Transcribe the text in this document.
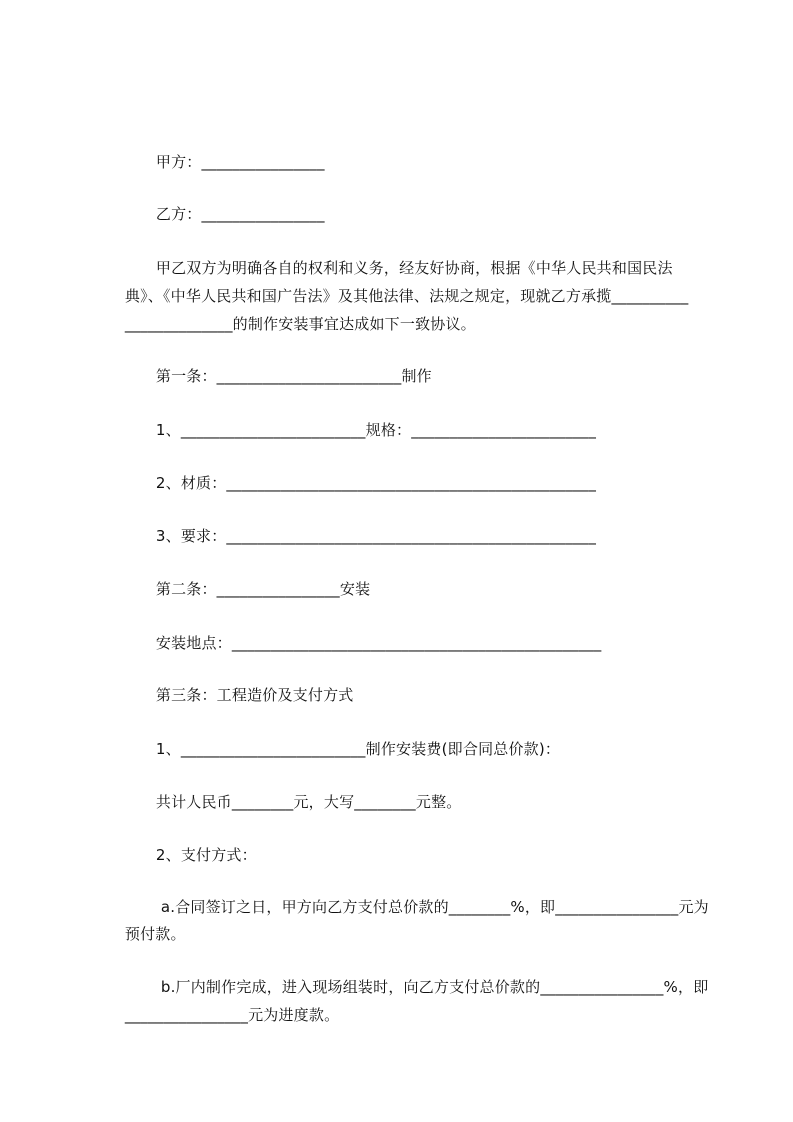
甲方：________________

乙方：________________

甲乙双方为明确各自的权利和义务，经友好协商，根据《中华人民共和国民法

典》、《中华人民共和国广告法》及其他法律、法规之规定，现就乙方承揽__________

______________的制作安装事宜达成如下一致协议。

第一条：________________________制作

1、________________________规格：________________________

2、材质：________________________________________________

3、要求：________________________________________________

第二条：________________安装

安装地点：________________________________________________

第三条：工程造价及支付方式

1、________________________制作安装费(即合同总价款)：

共计人民币________元，大写________元整。

2、支付方式：

a.合同签订之日，甲方向乙方支付总价款的________%，即________________元为

预付款。

b.厂内制作完成，进入现场组装时，向乙方支付总价款的________________%，即

________________元为进度款。
